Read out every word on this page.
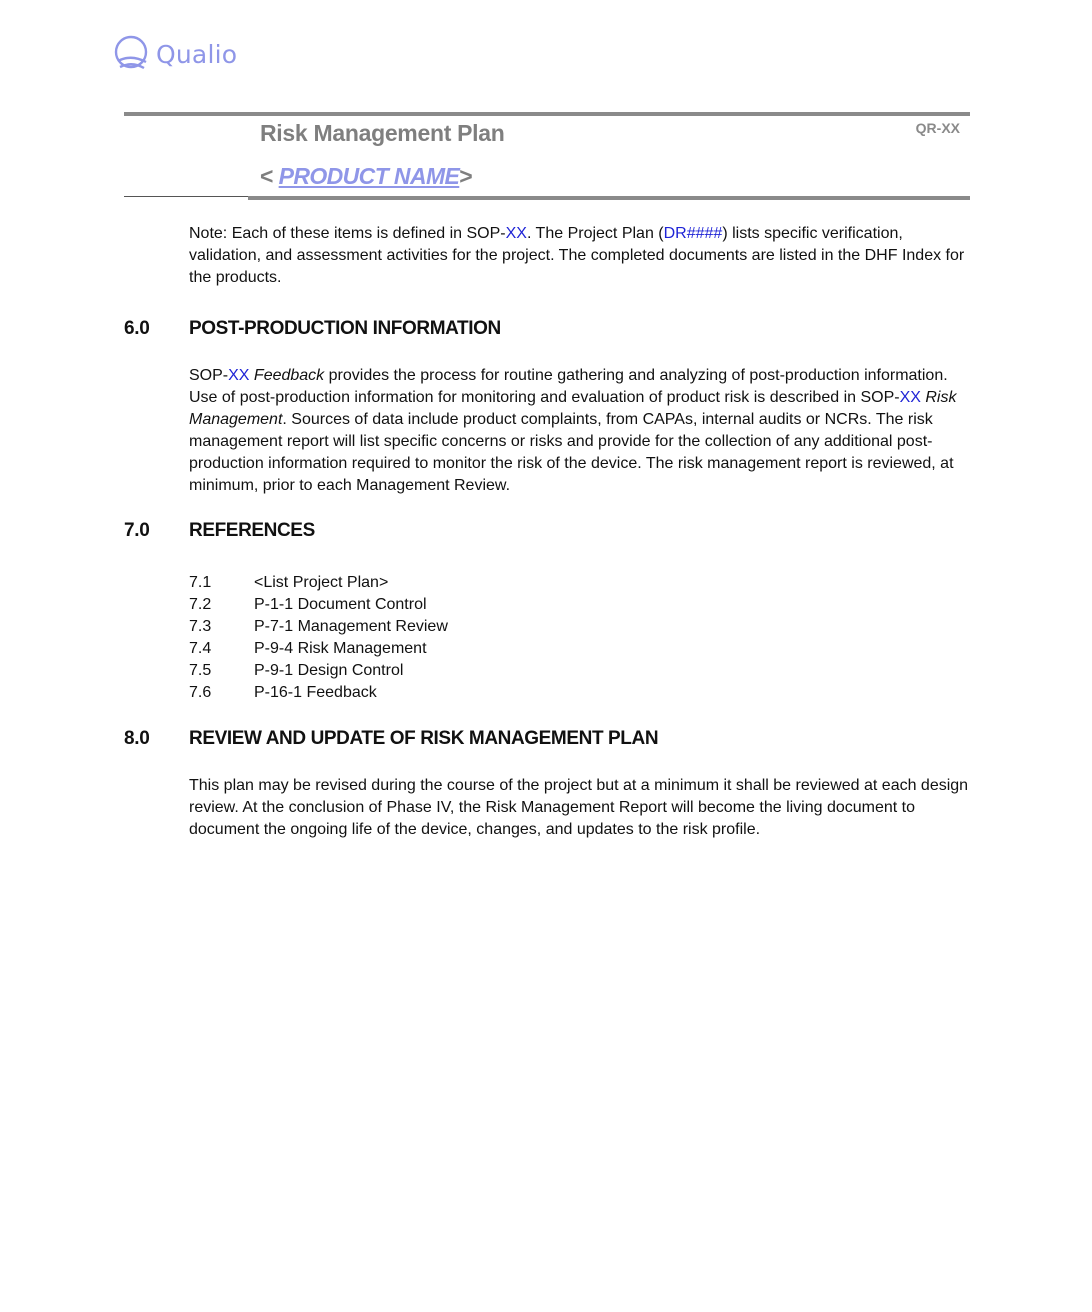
Qualio
Risk Management Plan	QR-XX
< PRODUCT NAME>

Note: Each of these items is defined in SOP-XX. The Project Plan (DR####) lists specific verification, validation, and assessment activities for the project. The completed documents are listed in the DHF Index for the products.

6.0 POST-PRODUCTION INFORMATION

SOP-XX Feedback provides the process for routine gathering and analyzing of post-production information. Use of post-production information for monitoring and evaluation of product risk is described in SOP-XX Risk Management. Sources of data include product complaints, from CAPAs, internal audits or NCRs. The risk management report will list specific concerns or risks and provide for the collection of any additional post-production information required to monitor the risk of the device. The risk management report is reviewed, at minimum, prior to each Management Review.

7.0 REFERENCES
7.1	<List Project Plan>
7.2	P-1-1 Document Control
7.3	P-7-1 Management Review
7.4	P-9-4 Risk Management
7.5	P-9-1 Design Control
7.6	P-16-1 Feedback
8.0 REVIEW AND UPDATE OF RISK MANAGEMENT PLAN

This plan may be revised during the course of the project but at a minimum it shall be reviewed at each design review. At the conclusion of Phase IV, the Risk Management Report will become the living document to document the ongoing life of the device, changes, and updates to the risk profile.
